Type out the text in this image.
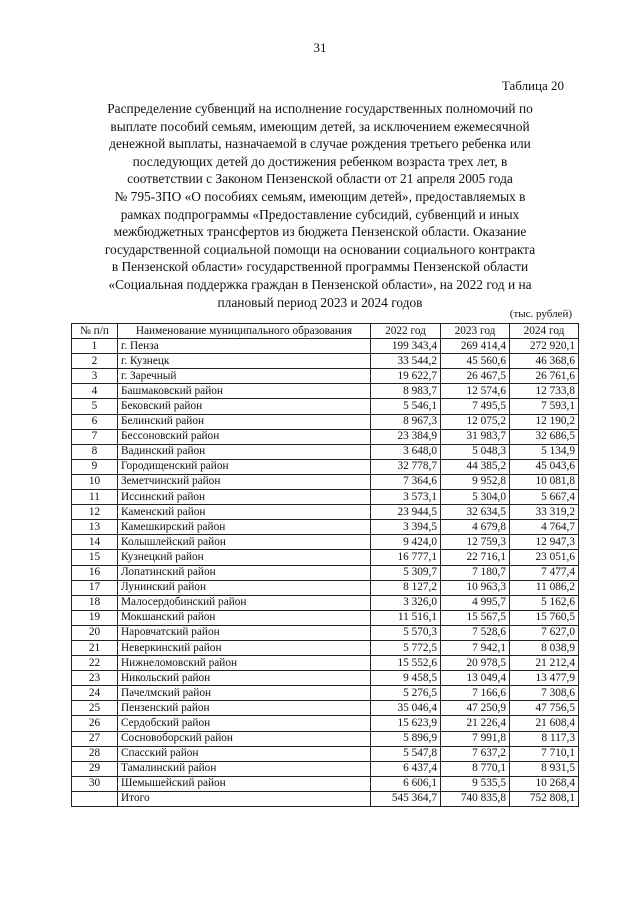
31
Таблица 20
Распределение субвенций на исполнение государственных полномочий по
выплате пособий семьям, имеющим детей, за исключением ежемесячной
денежной выплаты, назначаемой в случае рождения третьего ребенка или
последующих детей до достижения ребенком возраста трех лет, в
соответствии с Законом Пензенской области от 21 апреля 2005 года
№ 795-ЗПО «О пособиях семьям, имеющим детей», предоставляемых в
рамках подпрограммы «Предоставление субсидий, субвенций и иных
межбюджетных трансфертов из бюджета Пензенской области. Оказание
государственной социальной помощи на основании социального контракта
в Пензенской области» государственной программы Пензенской области
«Социальная поддержка граждан в Пензенской области», на 2022 год и на
плановый период 2023 и 2024 годов
(тыс. рублей)
№ п/п	Наименование муниципального образования	2022 год	2023 год	2024 год
1	г. Пенза	199 343,4	269 414,4	272 920,1
2	г. Кузнецк	33 544,2	45 560,6	46 368,6
3	г. Заречный	19 622,7	26 467,5	26 761,6
4	Башмаковский район	8 983,7	12 574,6	12 733,8
5	Бековский район	5 546,1	7 495,5	7 593,1
6	Белинский район	8 967,3	12 075,2	12 190,2
7	Бессоновский район	23 384,9	31 983,7	32 686,5
8	Вадинский район	3 648,0	5 048,3	5 134,9
9	Городищенский район	32 778,7	44 385,2	45 043,6
10	Земетчинский район	7 364,6	9 952,8	10 081,8
11	Иссинский район	3 573,1	5 304,0	5 667,4
12	Каменский район	23 944,5	32 634,5	33 319,2
13	Камешкирский район	3 394,5	4 679,8	4 764,7
14	Колышлейский район	9 424,0	12 759,3	12 947,3
15	Кузнецкий район	16 777,1	22 716,1	23 051,6
16	Лопатинский район	5 309,7	7 180,7	7 477,4
17	Лунинский район	8 127,2	10 963,3	11 086,2
18	Малосердобинский район	3 326,0	4 995,7	5 162,6
19	Мокшанский район	11 516,1	15 567,5	15 760,5
20	Наровчатский район	5 570,3	7 528,6	7 627,0
21	Неверкинский район	5 772,5	7 942,1	8 038,9
22	Нижнеломовский район	15 552,6	20 978,5	21 212,4
23	Никольский район	9 458,5	13 049,4	13 477,9
24	Пачелмский район	5 276,5	7 166,6	7 308,6
25	Пензенский район	35 046,4	47 250,9	47 756,5
26	Сердобский район	15 623,9	21 226,4	21 608,4
27	Сосновоборский район	5 896,9	7 991,8	8 117,3
28	Спасский район	5 547,8	7 637,2	7 710,1
29	Тамалинский район	6 437,4	8 770,1	8 931,5
30	Шемышейский район	6 606,1	9 535,5	10 268,4
	Итого	545 364,7	740 835,8	752 808,1
